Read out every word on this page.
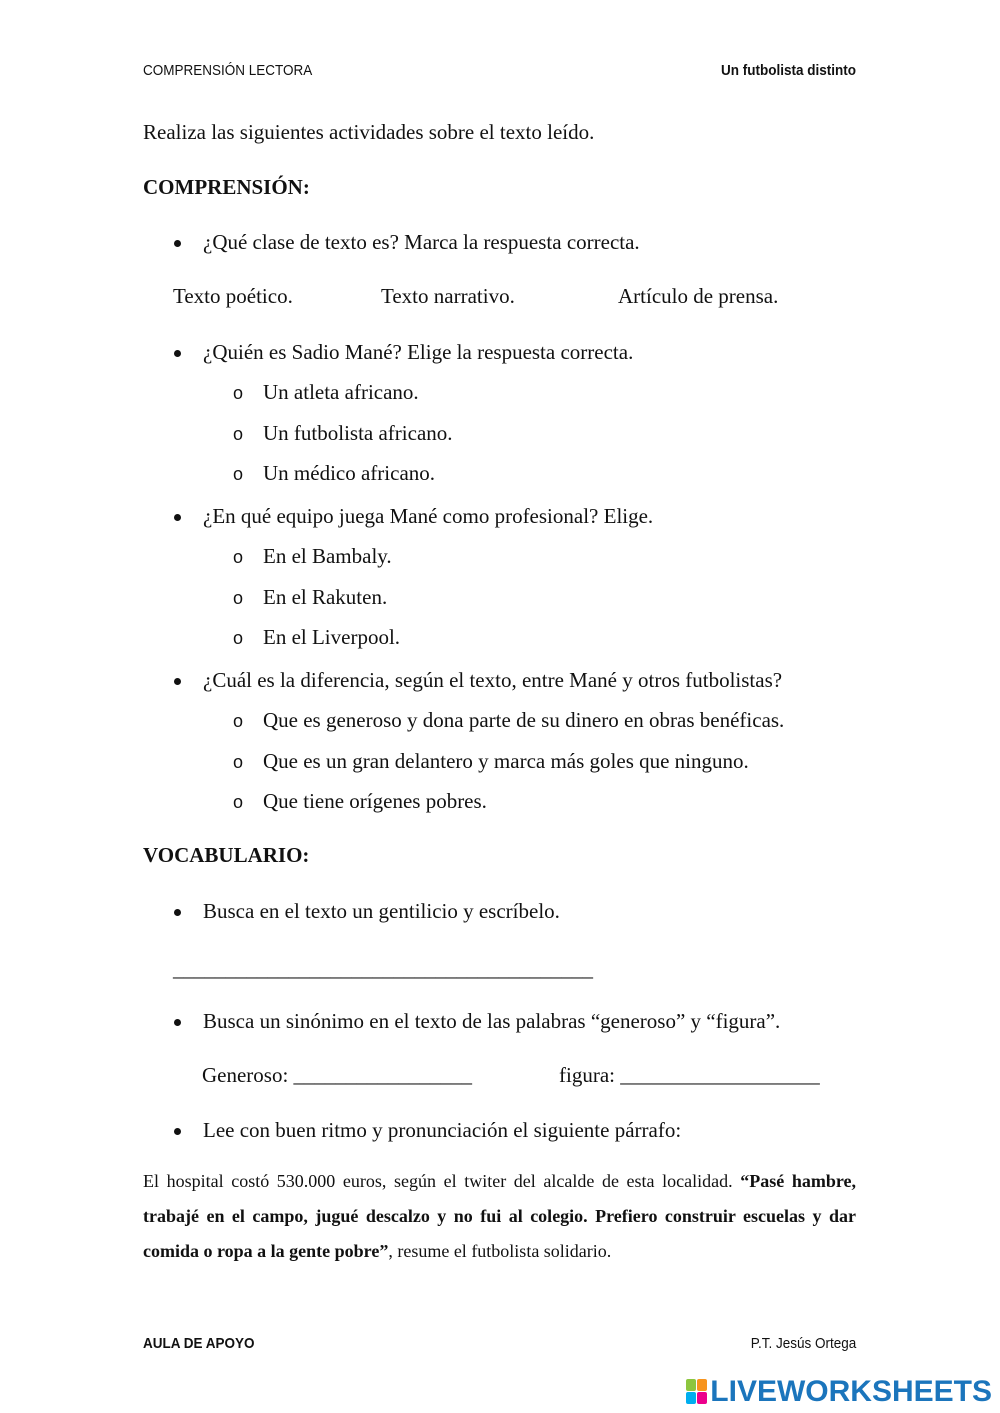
COMPRENSIÓN LECTORA	Un futbolista distinto
Realiza las siguientes actividades sobre el texto leído.
COMPRENSIÓN:
¿Qué clase de texto es? Marca la respuesta correcta.
Texto poético.	Texto narrativo.	Artículo de prensa.
¿Quién es Sadio Mané? Elige la respuesta correcta.
o Un atleta africano.
o Un futbolista africano.
o Un médico africano.
¿En qué equipo juega Mané como profesional? Elige.
o En el Bambaly.
o En el Rakuten.
o En el Liverpool.
¿Cuál es la diferencia, según el texto, entre Mané y otros futbolistas?
o Que es generoso y dona parte de su dinero en obras benéficas.
o Que es un gran delantero y marca más goles que ninguno.
o Que tiene orígenes pobres.
VOCABULARIO:
Busca en el texto un gentilicio y escríbelo.
________________________________________
Busca un sinónimo en el texto de las palabras “generoso” y “figura”.
Generoso: _________________	figura: ___________________
Lee con buen ritmo y pronunciación el siguiente párrafo:
El hospital costó 530.000 euros, según el twiter del alcalde de esta localidad. “Pasé hambre, trabajé en el campo, jugué descalzo y no fui al colegio. Prefiero construir escuelas y dar comida o ropa a la gente pobre”, resume el futbolista solidario.
AULA DE APOYO	P.T. Jesús Ortega
LIVEWORKSHEETS
